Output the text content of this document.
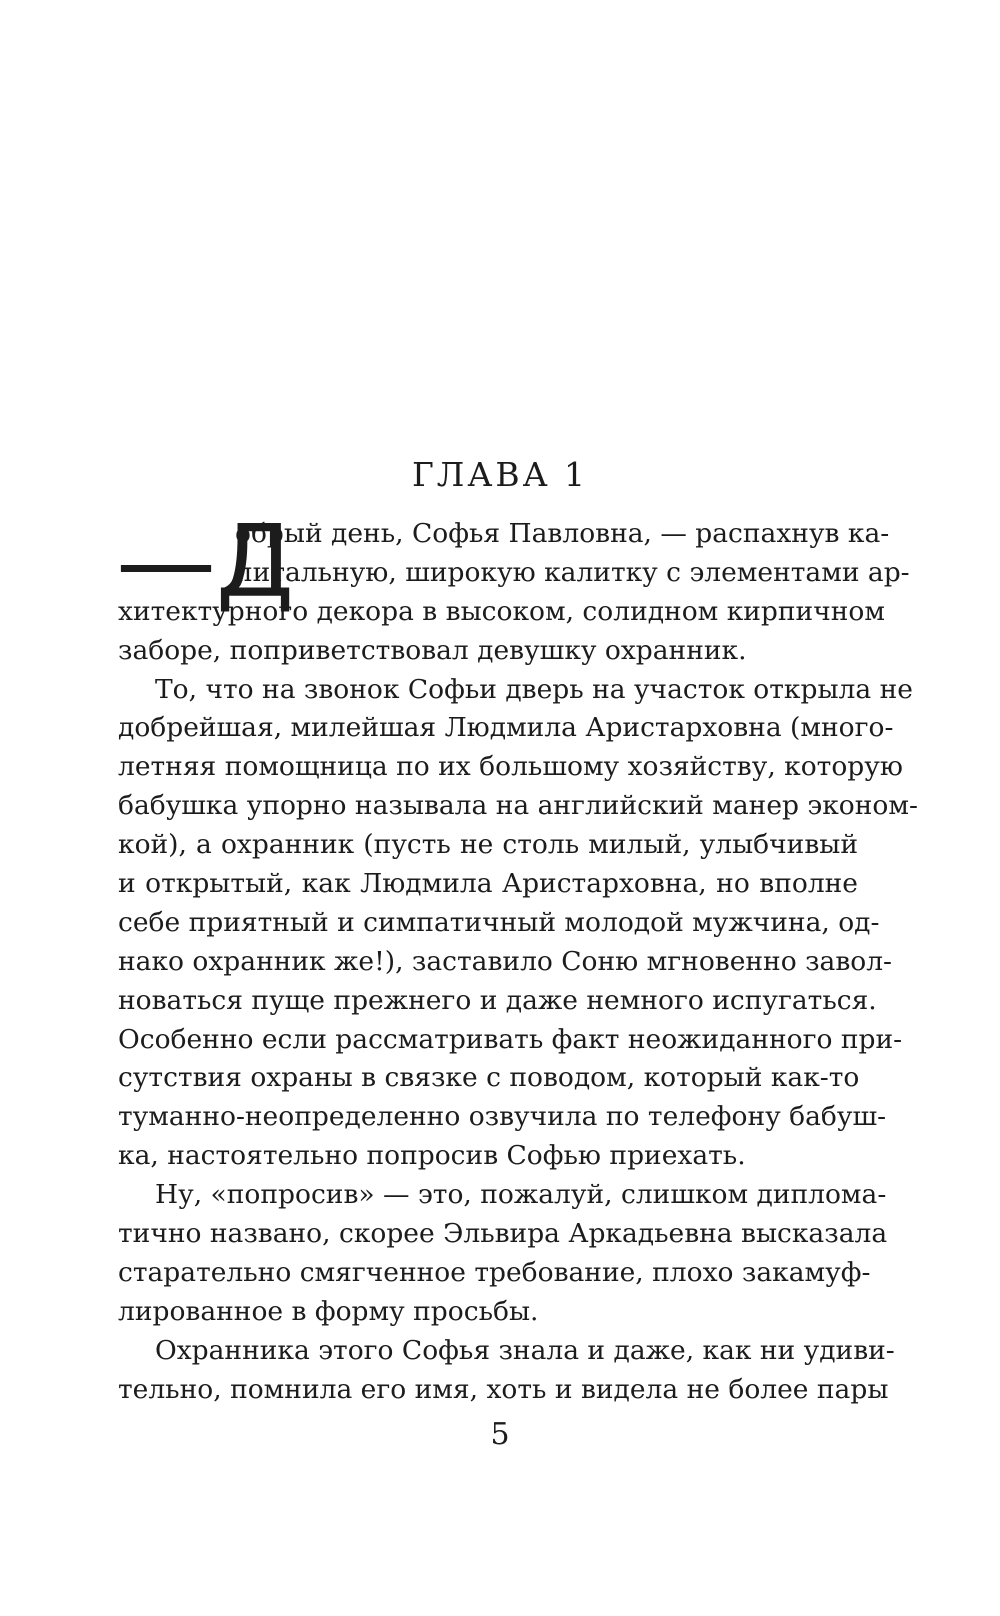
ГЛАВА 1
—Д
обрый день, Софья Павловна, — распахнув ка-
питальную, широкую калитку с элементами ар-
хитектурного декора в высоком, солидном кирпичном
заборе, поприветствовал девушку охранник.
То, что на звонок Софьи дверь на участок открыла не
добрейшая, милейшая Людмила Аристарховна (много-
летняя помощница по их большому хозяйству, которую
бабушка упорно называла на английский манер эконом-
кой), а охранник (пусть не столь милый, улыбчивый
и открытый, как Людмила Аристарховна, но вполне
себе приятный и симпатичный молодой мужчина, од-
нако охранник же!), заставило Соню мгновенно завол-
новаться пуще прежнего и даже немного испугаться.
Особенно если рассматривать факт неожиданного при-
сутствия охраны в связке с поводом, который как-то
туманно-неопределенно озвучила по телефону бабуш-
ка, настоятельно попросив Софью приехать.
Ну, «попросив» — это, пожалуй, слишком диплома-
тично названо, скорее Эльвира Аркадьевна высказала
старательно смягченное требование, плохо закамуф-
лированное в форму просьбы.
Охранника этого Софья знала и даже, как ни удиви-
тельно, помнила его имя, хоть и видела не более пары
5
